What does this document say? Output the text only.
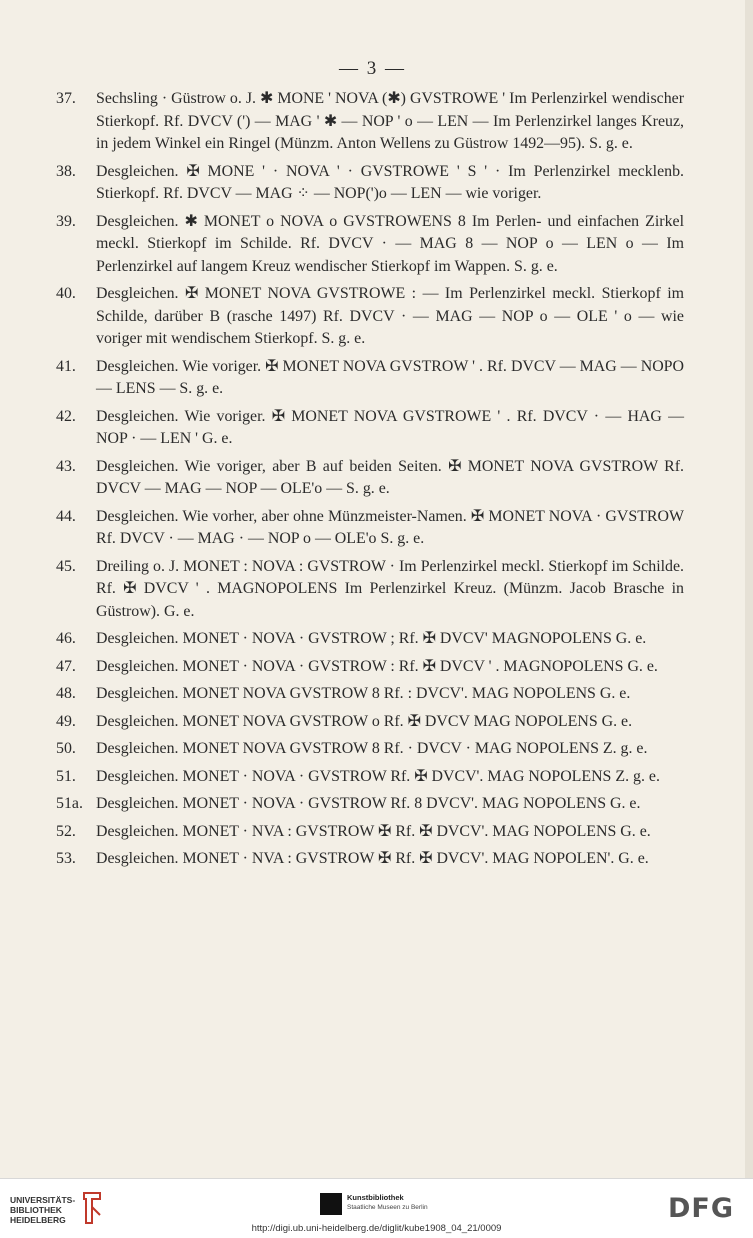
— 3 —
37.	Sechsling · Güstrow o. J. ✱ MONE ' NOVA (✱) GVSTROWE ' Im Perlenzirkel wendischer Stierkopf. Rf. DVCV (') — MAG ' ✱ — NOP ' o — LEN — Im Perlenzirkel langes Kreuz, in jedem Winkel ein Ringel (Münzm. Anton Wellens zu Güstrow 1492—95). S. g. e.
38.	Desgleichen. ✠ MONE ' · NOVA ' · GVSTROWE ' S ' · Im Perlenzirkel mecklenb. Stierkopf. Rf. DVCV — MAG ⁘ — NOP(')o — LEN — wie voriger.
39.	Desgleichen. ✱ MONET o NOVA o GVSTROWENS 8 Im Perlen- und einfachen Zirkel meckl. Stierkopf im Schilde. Rf. DVCV · — MAG 8 — NOP o — LEN o — Im Perlenzirkel auf langem Kreuz wendischer Stierkopf im Wappen. S. g. e.
40.	Desgleichen. ✠ MONET NOVA GVSTROWE : — Im Perlenzirkel meckl. Stierkopf im Schilde, darüber B (rasche 1497) Rf. DVCV · — MAG — NOP o — OLE ' o — wie voriger mit wendischem Stierkopf. S. g. e.
41.	Desgleichen. Wie voriger. ✠ MONET NOVA GVSTROW ' . Rf. DVCV — MAG — NOPO — LENS — S. g. e.
42.	Desgleichen. Wie voriger. ✠ MONET NOVA GVSTROWE ' . Rf. DVCV · — HAG — NOP · — LEN ' G. e.
43.	Desgleichen. Wie voriger, aber B auf beiden Seiten. ✠ MONET NOVA GVSTROW Rf. DVCV — MAG — NOP — OLE'o — S. g. e.
44.	Desgleichen. Wie vorher, aber ohne Münzmeister-Namen. ✠ MONET NOVA · GVSTROW Rf. DVCV · — MAG · — NOP o — OLE'o S. g. e.
45.	Dreiling o. J. MONET : NOVA : GVSTROW · Im Perlenzirkel meckl. Stierkopf im Schilde. Rf. ✠ DVCV ' . MAGNOPOLENS Im Perlenzirkel Kreuz. (Münzm. Jacob Brasche in Güstrow). G. e.
46.	Desgleichen. MONET · NOVA · GVSTROW ; Rf. ✠ DVCV' MAGNOPOLENS G. e.
47.	Desgleichen. MONET · NOVA · GVSTROW : Rf. ✠ DVCV ' . MAGNOPOLENS G. e.
48.	Desgleichen. MONET NOVA GVSTROW 8 Rf. : DVCV'. MAG NOPOLENS G. e.
49.	Desgleichen. MONET NOVA GVSTROW o Rf. ✠ DVCV MAG NOPOLENS G. e.
50.	Desgleichen. MONET NOVA GVSTROW 8 Rf. · DVCV · MAG NOPOLENS Z. g. e.
51.	Desgleichen. MONET · NOVA · GVSTROW Rf. ✠ DVCV'. MAG NOPOLENS Z. g. e.
51a. Desgleichen. MONET · NOVA · GVSTROW Rf. 8 DVCV'. MAG NOPOLENS G. e.
52.	Desgleichen. MONET · NVA : GVSTROW ✠ Rf. ✠ DVCV'. MAG NOPOLENS G. e.
53.	Desgleichen. MONET · NVA : GVSTROW ✠ Rf. ✠ DVCV'. MAG NOPOLEN'. G. e.
UNIVERSITÄTS-
BIBLIOTHEK
HEIDELBERG
Kunstbibliothek
Staatliche Museen zu Berlin	DFG
http://digi.ub.uni-heidelberg.de/diglit/kube1908_04_21/0009
